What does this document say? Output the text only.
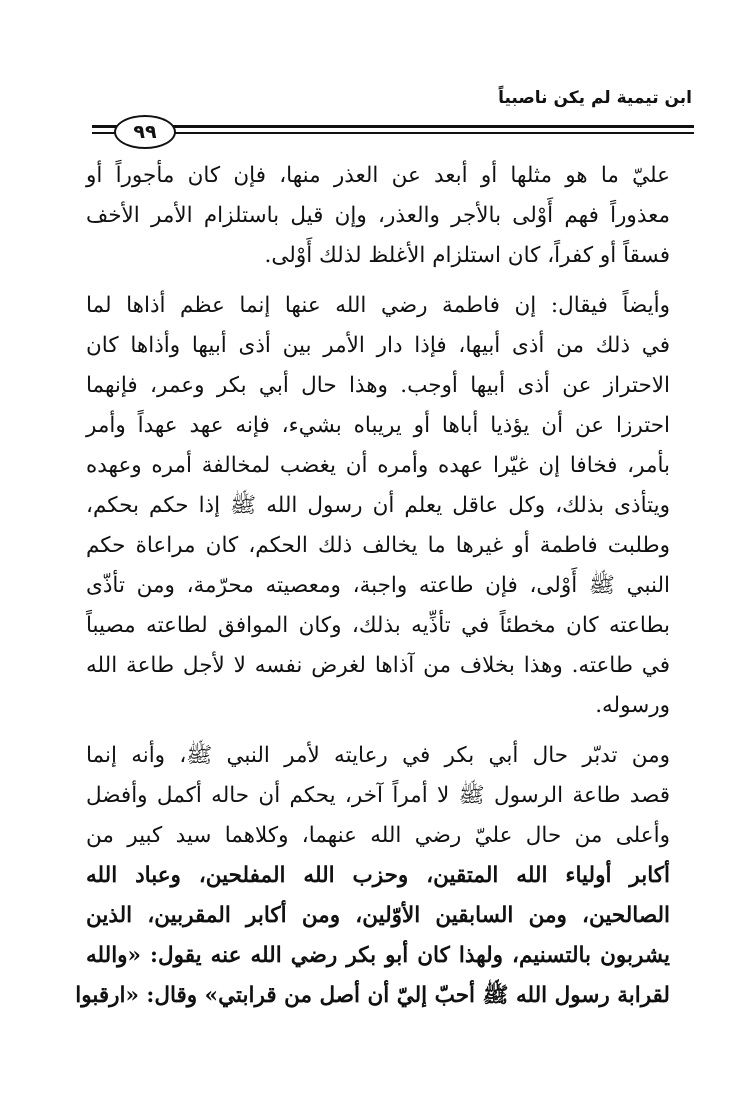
ابن تيمية لم يكن ناصبياً
٩٩
عليّ ما هو مثلها أو أبعد عن العذر منها، فإن كان مأجوراً أو
معذوراً فهم أَوْلى بالأجر والعذر، وإن قيل باستلزام الأمر الأخف
فسقاً أو كفراً، كان استلزام الأغلظ لذلك أَوْلى.
وأيضاً فيقال: إن فاطمة رضي الله عنها إنما عظم أذاها لما
في ذلك من أذى أبيها، فإذا دار الأمر بين أذى أبيها وأذاها كان
الاحتراز عن أذى أبيها أوجب. وهذا حال أبي بكر وعمر، فإنهما
احترزا عن أن يؤذيا أباها أو يريباه بشيء، فإنه عهد عهداً وأمر
بأمر، فخافا إن غيّرا عهده وأمره أن يغضب لمخالفة أمره وعهده
ويتأذى بذلك، وكل عاقل يعلم أن رسول الله ﷺ إذا حكم بحكم،
وطلبت فاطمة أو غيرها ما يخالف ذلك الحكم، كان مراعاة حكم
النبي ﷺ أَوْلى، فإن طاعته واجبة، ومعصيته محرّمة، ومن تأذّى
بطاعته كان مخطئاً في تأذِّيه بذلك، وكان الموافق لطاعته مصيباً
في طاعته. وهذا بخلاف من آذاها لغرض نفسه لا لأجل طاعة الله
ورسوله.
ومن تدبّر حال أبي بكر في رعايته لأمر النبي ﷺ، وأنه إنما
قصد طاعة الرسول ﷺ لا أمراً آخر، يحكم أن حاله أكمل وأفضل
وأعلى من حال عليّ رضي الله عنهما، وكلاهما سيد كبير من
أكابر أولياء الله المتقين، وحزب الله المفلحين، وعباد الله
الصالحين، ومن السابقين الأوّلين، ومن أكابر المقربين، الذين
يشربون بالتسنيم، ولهذا كان أبو بكر رضي الله عنه يقول: «والله
لقرابة رسول الله ﷺ أحبّ إليّ أن أصل من قرابتي» وقال: «ارقبوا
